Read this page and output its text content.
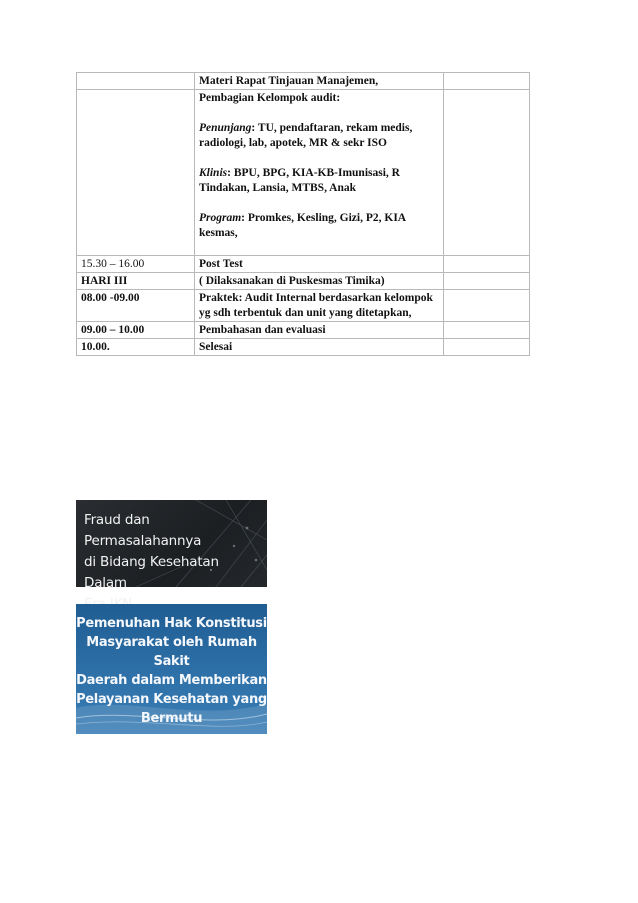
	Materi Rapat Tinjauan Manajemen,	

	Pembagian Kelompok audit:

Penunjang: TU, pendaftaran, rekam medis, radiologi, lab, apotek, MR & sekr ISO

Klinis: BPU, BPG, KIA-KB-Imunisasi, R Tindakan, Lansia, MTBS, Anak

Program: Promkes, Kesling, Gizi, P2, KIA kesmas,	

15.30 – 16.00	Post Test	
HARI III	( Dilaksanakan di Puskesmas Timika)	
08.00 -09.00	Praktek: Audit Internal berdasarkan kelompok yg sdh terbentuk dan unit yang ditetapkan,	
09.00 – 10.00	Pembahasan dan evaluasi	
10.00.	Selesai	
Fraud dan Permasalahannya
di Bidang Kesehatan Dalam
Pemenuhan Hak Konstitusi
Masyarakat oleh Rumah Sakit
Daerah dalam Memberikan
Pelayanan Kesehatan yang
Bermutu
